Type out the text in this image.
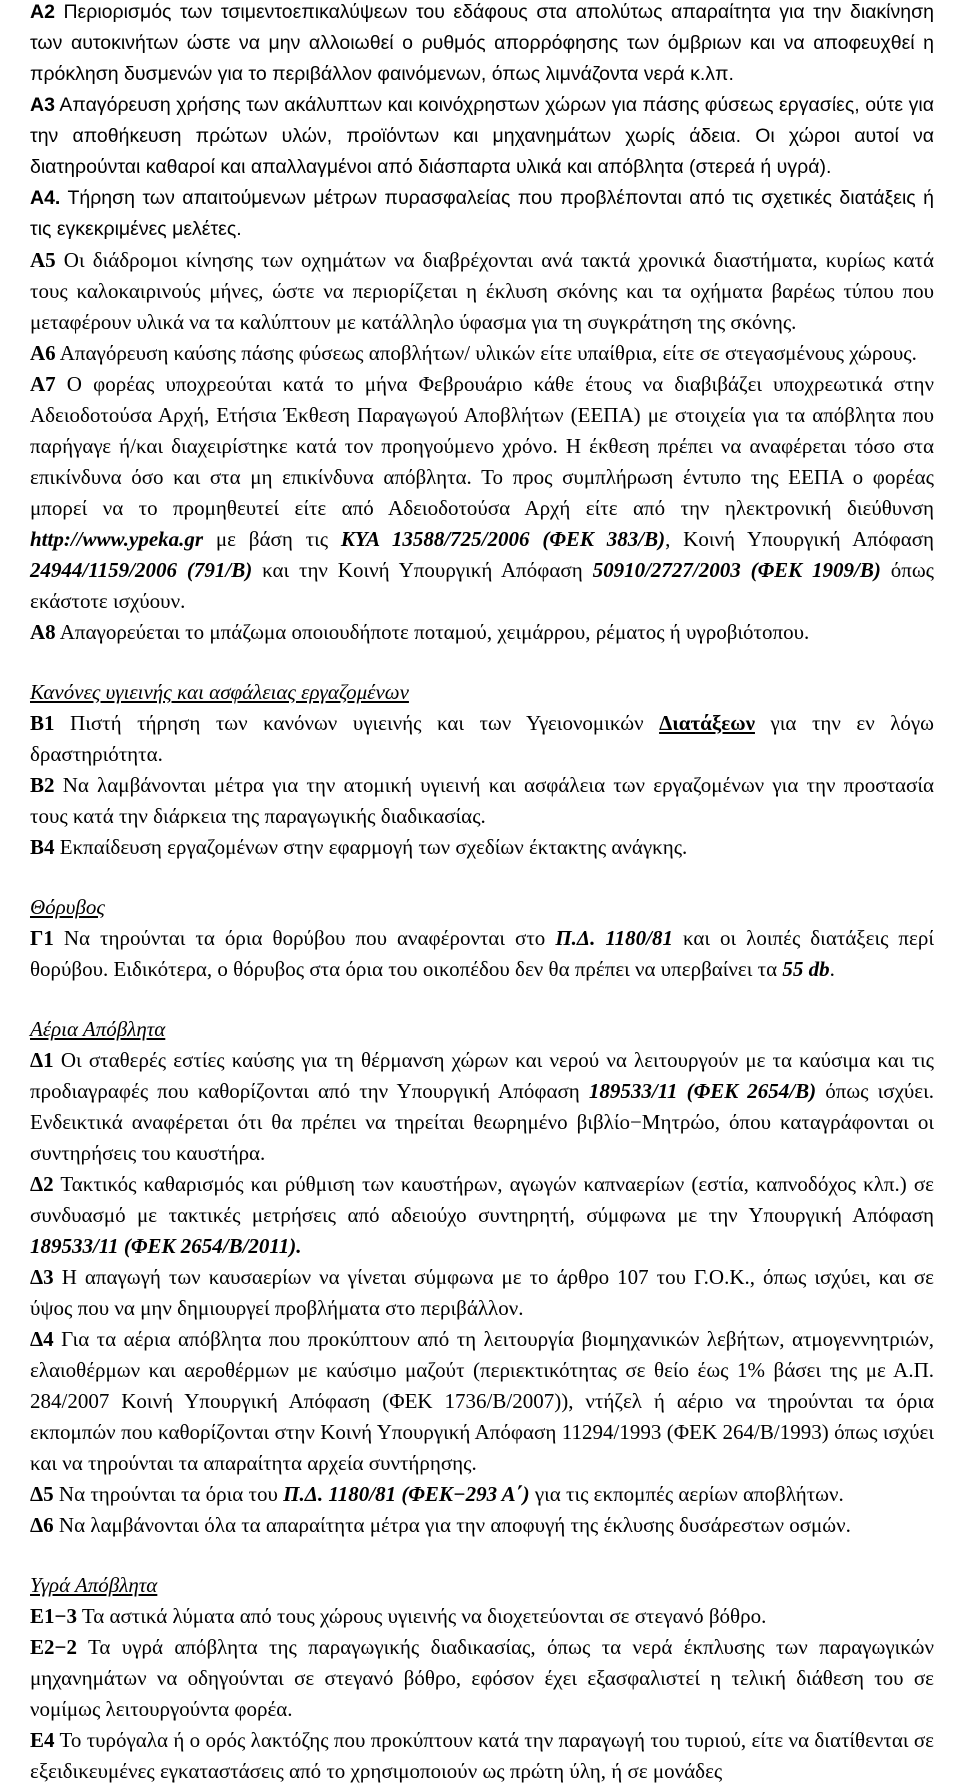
Α2 Περιορισμός των τσιμεντοεπικαλύψεων του εδάφους στα απολύτως απαραίτητα για την διακίνηση των αυτοκινήτων ώστε να μην αλλοιωθεί ο ρυθμός απορρόφησης των όμβριων και να αποφευχθεί η πρόκληση δυσμενών για το περιβάλλον φαινόμενων, όπως λιμνάζοντα νερά κ.λπ.

Α3 Απαγόρευση χρήσης των ακάλυπτων και κοινόχρηστων χώρων για πάσης φύσεως εργασίες, ούτε για την αποθήκευση πρώτων υλών, προϊόντων και μηχανημάτων χωρίς άδεια. Οι χώροι αυτοί να διατηρούνται καθαροί και απαλλαγμένοι από διάσπαρτα υλικά και απόβλητα (στερεά ή υγρά).

Α4. Τήρηση των απαιτούμενων μέτρων πυρασφαλείας που προβλέπονται από τις σχετικές διατάξεις ή τις εγκεκριμένες μελέτες.

Α5 Οι διάδρομοι κίνησης των οχημάτων να διαβρέχονται ανά τακτά χρονικά διαστήματα, κυρίως κατά τους καλοκαιρινούς μήνες, ώστε να περιορίζεται η έκλυση σκόνης και τα οχήματα βαρέως τύπου που μεταφέρουν υλικά να τα καλύπτουν με κατάλληλο ύφασμα για τη συγκράτηση της σκόνης.

Α6 Απαγόρευση καύσης πάσης φύσεως αποβλήτων/ υλικών είτε υπαίθρια, είτε σε στεγασμένους χώρους.

Α7 Ο φορέας υποχρεούται κατά το μήνα Φεβρουάριο κάθε έτους να διαβιβάζει υποχρεωτικά στην Αδειοδοτούσα Αρχή, Ετήσια Έκθεση Παραγωγού Αποβλήτων (ΕΕΠΑ) με στοιχεία για τα απόβλητα που παρήγαγε ή/και διαχειρίστηκε κατά τον προηγούμενο χρόνο. Η έκθεση πρέπει να αναφέρεται τόσο στα επικίνδυνα όσο και στα μη επικίνδυνα απόβλητα. Το προς συμπλήρωση έντυπο της ΕΕΠΑ ο φορέας μπορεί να το προμηθευτεί είτε από Αδειοδοτούσα Αρχή είτε από την ηλεκτρονική διεύθυνση http://www.ypeka.gr με βάση τις ΚΥΑ 13588/725/2006 (ΦΕΚ 383/Β), Κοινή Υπουργική Απόφαση 24944/1159/2006 (791/Β) και την Κοινή Υπουργική Απόφαση 50910/2727/2003 (ΦΕΚ 1909/Β) όπως εκάστοτε ισχύουν.

Α8 Απαγορεύεται το μπάζωμα οποιουδήποτε ποταμού, χειμάρρου, ρέματος ή υγροβιότοπου.

Κανόνες υγιεινής και ασφάλειας εργαζομένων

Β1 Πιστή τήρηση των κανόνων υγιεινής και των Υγειονομικών Διατάξεων για την εν λόγω δραστηριότητα.

Β2 Να λαμβάνονται μέτρα για την ατομική υγιεινή και ασφάλεια των εργαζομένων για την προστασία τους κατά την διάρκεια της παραγωγικής διαδικασίας.

Β4 Εκπαίδευση εργαζομένων στην εφαρμογή των σχεδίων έκτακτης ανάγκης.

Θόρυβος

Γ1 Να τηρούνται τα όρια θορύβου που αναφέρονται στο Π.Δ. 1180/81 και οι λοιπές διατάξεις περί θορύβου. Ειδικότερα, ο θόρυβος στα όρια του οικοπέδου δεν θα πρέπει να υπερβαίνει τα 55 db.

Αέρια Απόβλητα

Δ1 Οι σταθερές εστίες καύσης για τη θέρμανση χώρων και νερού να λειτουργούν με τα καύσιμα και τις προδιαγραφές που καθορίζονται από την Υπουργική Απόφαση 189533/11 (ΦΕΚ 2654/Β) όπως ισχύει. Ενδεικτικά αναφέρεται ότι θα πρέπει να τηρείται θεωρημένο βιβλίο−Μητρώο, όπου καταγράφονται οι συντηρήσεις του καυστήρα.

Δ2 Τακτικός καθαρισμός και ρύθμιση των καυστήρων, αγωγών καπναερίων (εστία, καπνοδόχος κλπ.) σε συνδυασμό με τακτικές μετρήσεις από αδειούχο συντηρητή, σύμφωνα με την Υπουργική Απόφαση 189533/11 (ΦΕΚ 2654/Β/2011).

Δ3 Η απαγωγή των καυσαερίων να γίνεται σύμφωνα με το άρθρο 107 του Γ.Ο.Κ., όπως ισχύει, και σε ύψος που να μην δημιουργεί προβλήματα στο περιβάλλον.

Δ4 Για τα αέρια απόβλητα που προκύπτουν από τη λειτουργία βιομηχανικών λεβήτων, ατμογεννητριών, ελαιοθέρμων και αεροθέρμων με καύσιμο μαζούτ (περιεκτικότητας σε θείο έως 1% βάσει της με Α.Π. 284/2007 Κοινή Υπουργική Απόφαση (ΦΕΚ 1736/Β/2007)), ντήζελ ή αέριο να τηρούνται τα όρια εκπομπών που καθορίζονται στην Κοινή Υπουργική Απόφαση 11294/1993 (ΦΕΚ 264/Β/1993) όπως ισχύει και να τηρούνται τα απαραίτητα αρχεία συντήρησης.

Δ5 Να τηρούνται τα όρια του Π.Δ. 1180/81 (ΦΕΚ−293 Α΄) για τις εκπομπές αερίων αποβλήτων.

Δ6 Να λαμβάνονται όλα τα απαραίτητα μέτρα για την αποφυγή της έκλυσης δυσάρεστων οσμών.

Υγρά Απόβλητα

Ε1−3 Τα αστικά λύματα από τους χώρους υγιεινής να διοχετεύονται σε στεγανό βόθρο.

Ε2−2 Τα υγρά απόβλητα της παραγωγικής διαδικασίας, όπως τα νερά έκπλυσης των παραγωγικών μηχανημάτων να οδηγούνται σε στεγανό βόθρο, εφόσον έχει εξασφαλιστεί η τελική διάθεση του σε νομίμως λειτουργούντα φορέα.

Ε4 Το τυρόγαλα ή ο ορός λακτόζης που προκύπτουν κατά την παραγωγή του τυριού, είτε να διατίθενται σε εξειδικευμένες εγκαταστάσεις από το χρησιμοποιούν ως πρώτη ύλη, ή σε μονάδες
